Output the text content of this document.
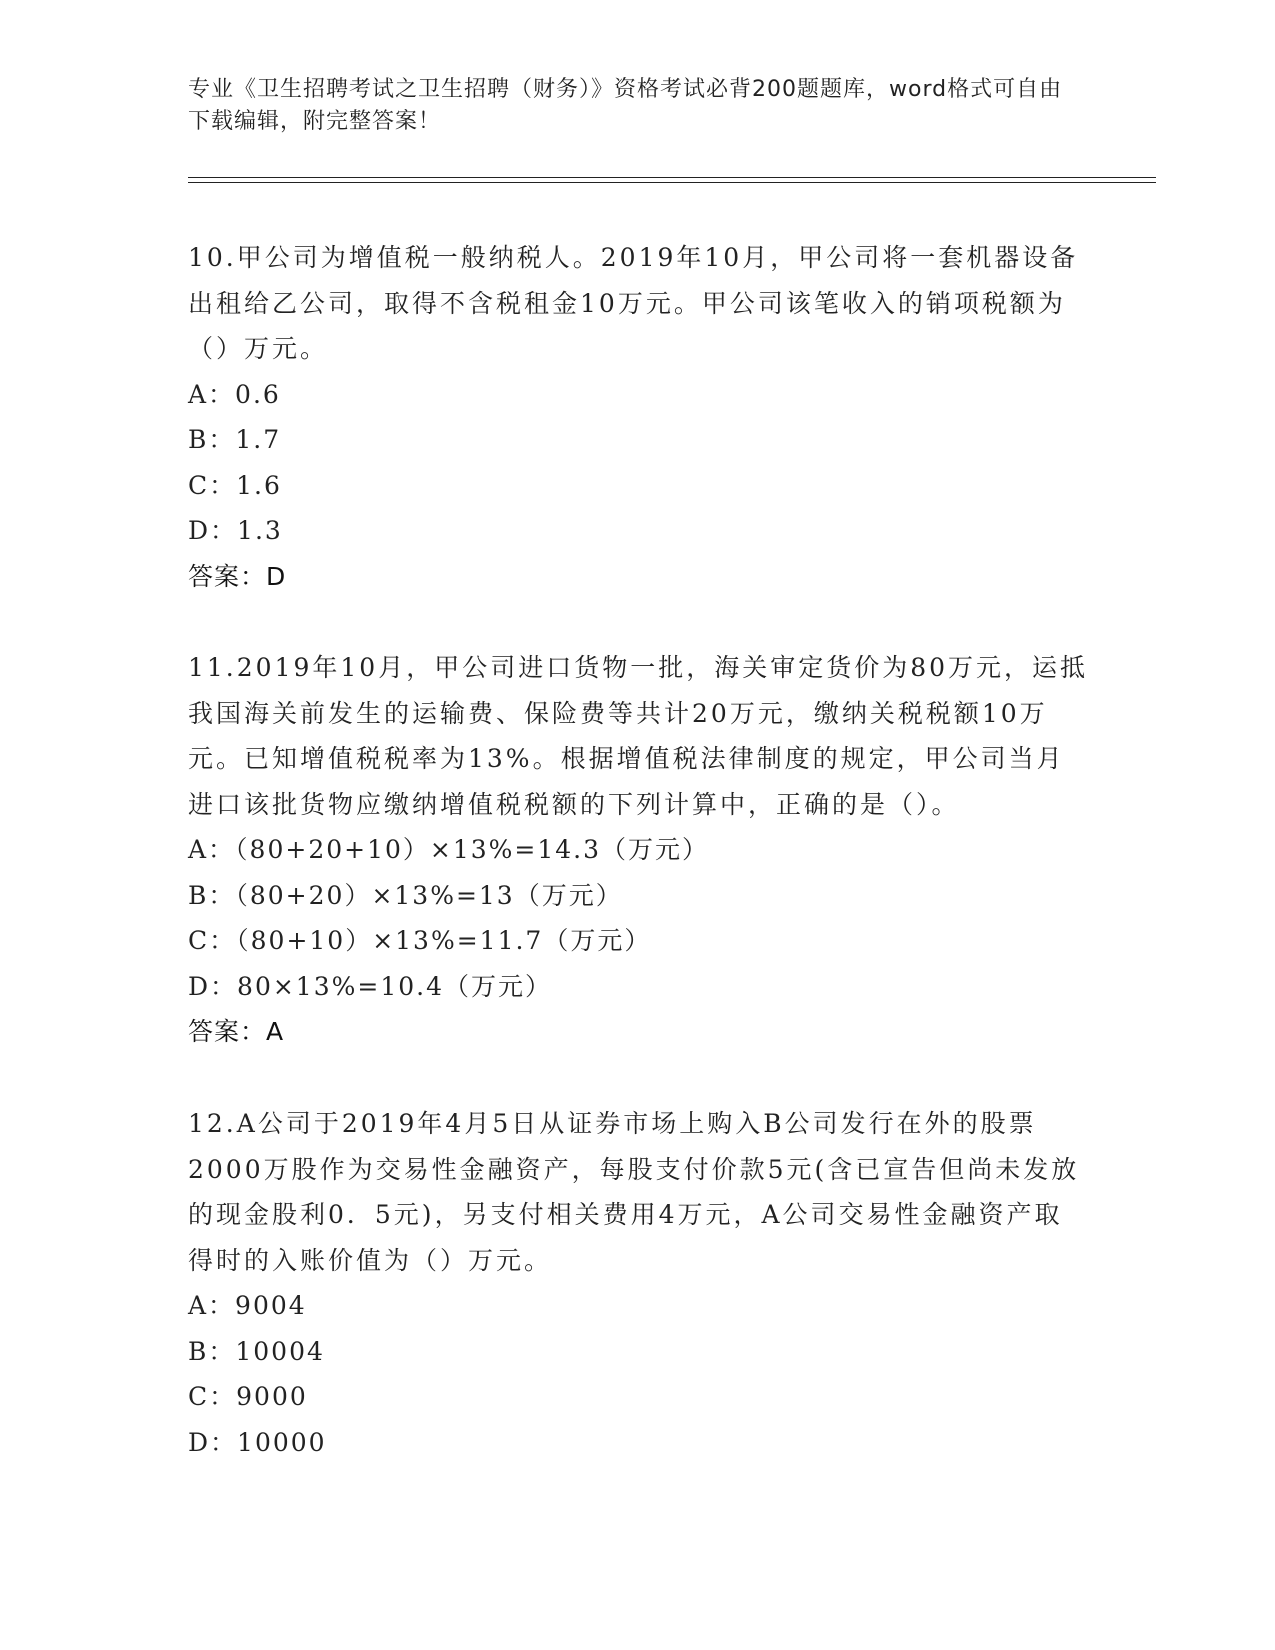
专业《卫生招聘考试之卫生招聘（财务）》资格考试必背200题题库，word格式可自由下载编辑，附完整答案！

10.甲公司为增值税一般纳税人。2019年10月，甲公司将一套机器设备出租给乙公司，取得不含税租金10万元。甲公司该笔收入的销项税额为（）万元。

A：0.6
B：1.7
C：1.6
D：1.3
答案：D

11.2019年10月，甲公司进口货物一批，海关审定货价为80万元，运抵我国海关前发生的运输费、保险费等共计20万元，缴纳关税税额10万元。已知增值税税率为13%。根据增值税法律制度的规定，甲公司当月进口该批货物应缴纳增值税税额的下列计算中，正确的是（）。

A：（80+20+10）×13%=14.3（万元）
B：（80+20）×13%=13（万元）
C：（80+10）×13%=11.7（万元）
D：80×13%=10.4（万元）
答案：A

12.A公司于2019年4月5日从证券市场上购入B公司发行在外的股票2000万股作为交易性金融资产，每股支付价款5元(含已宣告但尚未发放的现金股利0．5元)，另支付相关费用4万元，A公司交易性金融资产取得时的入账价值为（）万元。

A：9004
B：10004
C：9000
D：10000
